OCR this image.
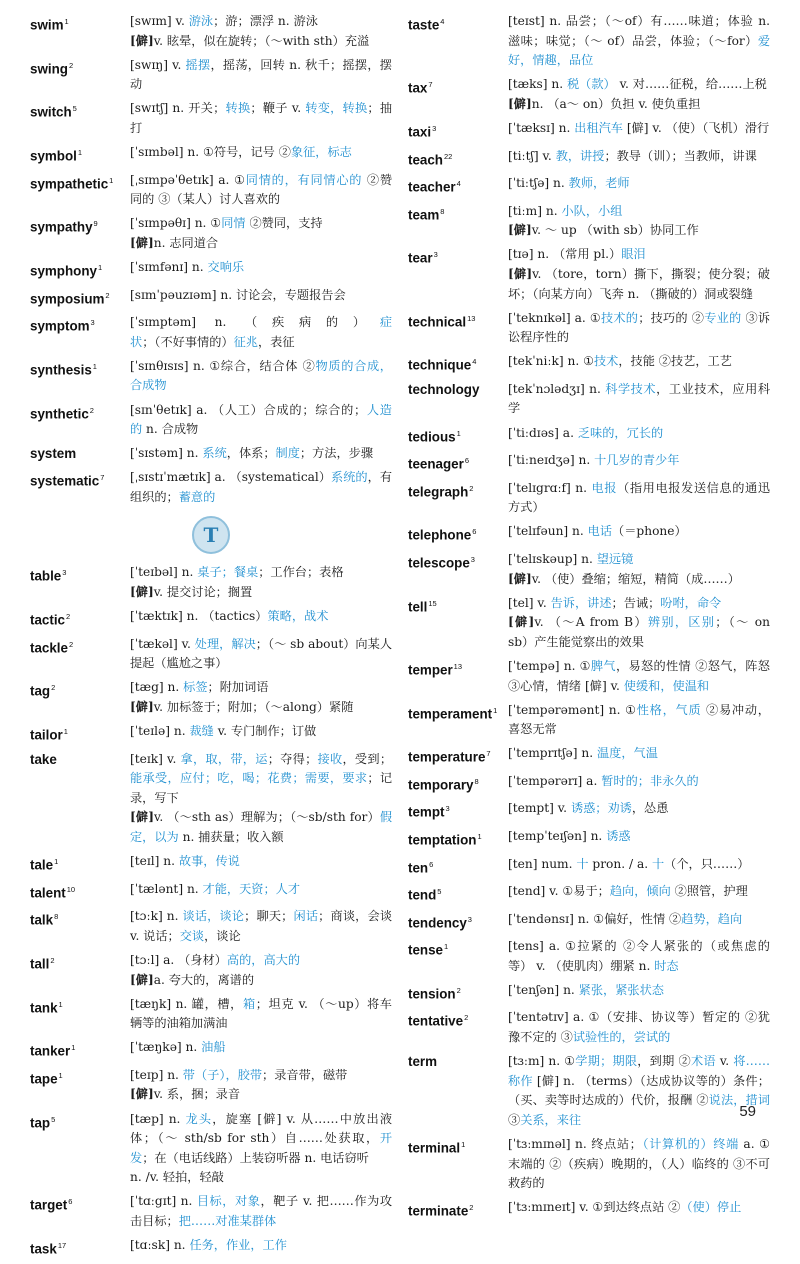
swim$^1$	[swɪm] v. 游泳；游；漂浮 n. 游泳
[僻]v. 眩晕，似在旋转；（～with sth）充溢
swing$^2$	[swɪŋ] v. 摇摆，摇荡，回转 n. 秋千；摇摆，摆动
switch$^5$	[swɪtʃ] n. 开关；转换；鞭子 v. 转变，转换；抽打
symbol$^1$	[ˈsɪmbəl] n. ①符号，记号 ②象征，标志
sympathetic$^1$	[ˌsɪmpəˈθetɪk] a. ①同情的，有同情心的 ②赞同的 ③（某人）讨人喜欢的
sympathy$^9$	[ˈsɪmpəθɪ] n. ①同情 ②赞同，支持
[僻]n. 志同道合
symphony$^1$	[ˈsɪmfənɪ] n. 交响乐
symposium$^2$	[sɪmˈpəuzɪəm] n. 讨论会，专题报告会
symptom$^3$	[ˈsɪmptəm] n. （疾病的）症状；（不好事情的）征兆，表征
synthesis$^1$	[ˈsɪnθɪsɪs] n. ①综合，结合体 ②物质的合成，合成物
synthetic$^2$	[sɪnˈθetɪk] a. （人工）合成的；综合的；人造的 n. 合成物
system	[ˈsɪstəm] n. 系统，体系；制度；方法，步骤
systematic$^7$	[ˌsɪstɪˈmætɪk] a. （systematical）系统的，有组织的；蓄意的
T
table$^3$	[ˈteɪbəl] n. 桌子；餐桌；工作台；表格
[僻]v. 提交讨论；搁置
tactic$^2$	[ˈtæktɪk] n. （tactics）策略，战术
tackle$^2$	[ˈtækəl] v. 处理，解决；（～ sb about）向某人提起（尴尬之事）
tag$^2$	[tæg] n. 标签；附加词语
[僻]v. 加标签于；附加；（～along）紧随
tailor$^1$	[ˈteɪlə] n. 裁缝 v. 专门制作；订做
take	[teɪk] v. 拿，取，带，运；夺得；接收，受到；能承受，应付；吃，喝；花费；需要，要求；记录，写下
[僻]v. （～sth as）理解为；（～sb/sth for）假定，以为 n. 捕获量；收入额
tale$^1$	[teɪl] n. 故事，传说
talent$^{10}$	[ˈtælənt] n. 才能，天资；人才
talk$^8$	[tɔːk] n. 谈话，谈论；聊天；闲话；商谈，会谈 v. 说话；交谈，谈论
tall$^2$	[tɔːl] a. （身材）高的，高大的
[僻]a. 夸大的，离谱的
tank$^1$	[tæŋk] n. 罐，槽，箱；坦克 v. （～up）将车辆等的油箱加满油
tanker$^1$	[ˈtæŋkə] n. 油船
tape$^1$	[teɪp] n. 带（子），胶带；录音带，磁带
[僻]v. 系，捆；录音
tap$^5$	[tæp] n. 龙头，旋塞 [僻] v. 从……中放出液体；（～ sth/sb for sth）自……处获取，开发；在（电话线路）上装窃听器 n. 电话窃听
n. /v. 轻拍，轻敲
target$^6$	[ˈtɑːgɪt] n. 目标，对象，靶子 v. 把……作为攻击目标；把……对准某群体
task$^{17}$	[tɑːsk] n. 任务，作业，工作
taste$^4$	[teɪst] n. 品尝；（～of）有……味道；体验 n. 滋味；味觉；（～ of）品尝，体验；（～for）爱好，情趣，品位
tax$^7$	[tæks] n. 税（款） v. 对……征税，给……上税
[僻]n. （a～ on）负担 v. 使负重担
taxi$^3$	[ˈtæksɪ] n. 出租汽车 [僻] v. （使）（飞机）滑行
teach$^{22}$	[tiːtʃ] v. 教，讲授；教导（训）；当教师，讲课
teacher$^4$	[ˈtiːtʃə] n. 教师，老师
team$^8$	[tiːm] n. 小队，小组
[僻]v. ～ up （with sb）协同工作
tear$^3$	[tɪə] n. （常用 pl.）眼泪
[僻]v. （tore，torn）撕下，撕裂；使分裂；破坏；（向某方向）飞奔 n. （撕破的）洞或裂缝
technical$^{13}$	[ˈteknɪkəl] a. ①技术的；技巧的 ②专业的 ③诉讼程序性的
technique$^4$	[tekˈniːk] n. ①技术，技能 ②技艺，工艺
technology	[tekˈnɔlədʒɪ] n. 科学技术，工业技术，应用科学
tedious$^1$	[ˈtiːdɪəs] a. 乏味的，冗长的
teenager$^6$	[ˈtiːneɪdʒə] n. 十几岁的青少年
telegraph$^2$	[ˈtelɪgrɑːf] n. 电报（指用电报发送信息的通迅方式）
telephone$^6$	[ˈtelɪfəun] n. 电话（＝phone）
telescope$^3$	[ˈtelɪskəup] n. 望远镜
[僻]v. （使）叠缩；缩短，精简（成……）
tell$^{15}$	[tel] v. 告诉，讲述；告诫；吩咐，命令
[僻]v. （～A from B）辨别，区别；（～ on sb）产生能觉察出的效果
temper$^{13}$	[ˈtempə] n. ①脾气，易怒的性情 ②怒气，阵怒 ③心情，情绪 [僻] v. 使缓和，使温和
temperament$^1$ [ˈtempərəmənt] n. ①性格，气质 ②易冲动，喜怒无常
temperature$^7$	[ˈtemprɪtʃə] n. 温度，气温
temporary$^8$	[ˈtempərərɪ] a. 暂时的；非永久的
tempt$^3$	[tempt] v. 诱惑；劝诱，怂恿
temptation$^1$	[tempˈteɪʃən] n. 诱惑
ten$^6$	[ten] num. 十 pron. / a. 十（个，只……）
tend$^5$	[tend] v. ①易于；趋向，倾向 ②照管，护理
tendency$^3$	[ˈtendənsɪ] n. ①偏好，性情 ②趋势，趋向
tense$^1$	[tens] a. ①拉紧的 ②令人紧张的（或焦虑的等） v. （使肌肉）绷紧 n. 时态
tension$^2$	[ˈtenʃən] n. 紧张，紧张状态
tentative$^2$	[ˈtentətɪv] a. ①（安排、协议等）暂定的 ②犹豫不定的 ③试验性的，尝试的
term	[tɜːm] n. ①学期；期限，到期 ②术语 v. 将……称作 [僻] n. （terms）（达成协议等的）条件；（买、卖等时达成的）代价，报酬 ②说法，措词 ③关系，来往
terminal$^1$	[ˈtɜːmɪnəl] n. 终点站；（计算机的）终端 a. ①末端的 ②（疾病）晚期的，（人）临终的 ③不可救药的
terminate$^2$	[ˈtɜːmɪneɪt] v. ①到达终点站 ②（使）停止
59
